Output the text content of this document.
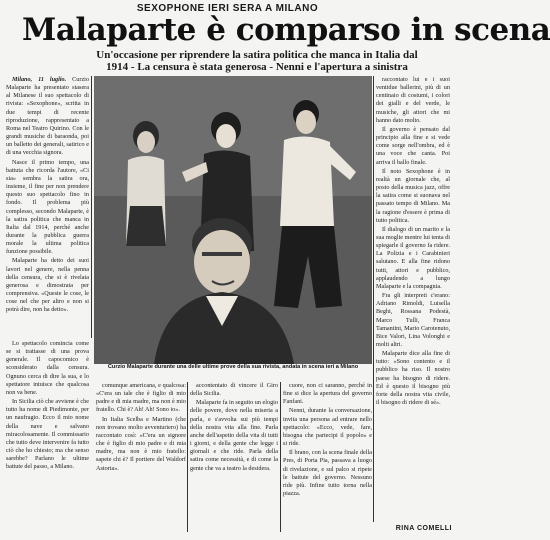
SEXOPHONE IERI SERA A MILANO
Malaparte è comparso in scena
Un'occasione per riprendere la satira politica che manca in Italia dal
1914 - La censura è stata generosa - Nenni e l'apertura a sinistra

Milano, 11 luglio. Curzio Malaparte ha presentato stasera al Milanese il suo spettacolo di rivista: «Sexophone», scritta in due tempi di recente riproduzione, rappresentato a Roma nel Teatro Quirino. Con le grandi musiche di baraonda, poi un balletto dei generali, satirico e di una vecchia signora.

Nasce il primo tempo, una battuta che ricorda l'autore, «Ci sia» sembra la satira ora, insieme, il fine per non prendere questo suo spettacolo fino in fondo. Il problema più complesso, secondo Malaparte, è la satira politica che manca in Italia dal 1914, perché anche durante la pubblica guerra morale la ultima politica funzione possibile.

Malaparte ha detto dei suoi lavori nel genere, nella penna della censura, che si è rivelata generosa e dimostrata per comprensiva. «Queste le cose, le cose nel che per altro e non si potrà dire, non ha detto».

Curzio Malaparte durante una delle ultime prove della sua rivista, andata in scena ieri a Milano

Lo spettacolo comincia come se si trattasse di una prova generale. Il capocomico è sconsiderato dalla censura. Ognuno cerca di dire la sua, e lo spettatore intuisce che qualcosa non va bene.

In Sicilia ciò che avviene è che tutto ha nome di Piedimonte, per un naufragio. Ecco il mio nome della nave e salvano miracolosamente. Il commissario che tutto deve intervenire fa tutto ciò che ho chiesto; ma che senso sarebbe? Parlano le ultime battute del passo, a Milano.

comunque americana, e qualcosa: «C'era un tale che è figlio di mio padre e di mia madre, ma non è mio fratello. Chi è? Ah! Ah! Sono io».

In Italia Scelba e Martino (che non trovano molto avventuriero) ha raccontato così: «C'era un signore che è figlio di mio padre e di mia madre, ma non è mio fratello: sapete chi è? Il portiere del Waldorf Astoria».

accontentato di vincere il Giro della Sicilia.

Malaparte fa in seguito un elogio delle povere, dove nella miseria a parla, e s'avvolta sui più tempi della nostra vita alla fine. Parla anche dell'aspetto della vita di tutti i giorni, e della gente che legge i giornali e che ride. Parla della satira come necessità, e di come la gente che va a teatro la desidera.

cuore, non ci saranno, perché in fine si dice la apertura del governo Fanfani.

Nenni, durante la conversazione, invita una persona ad entrare nello spettacolo: «Ecco, vede, fare, bisogna che partecipi il popolo» e si ride.

Il brano, con la scena finale della Pres, di Porta Pia, passava a luogo di rivelazione, e sul palco si ripete le battute del governo. Nessuno ride più. Infine tutto torna nella piazza.

raccontato lui e i suoi ventidue ballerini, più di un centinaio di costumi, i colori dei gialli e del verde, le musiche, gli attori che mi hanno dato molto.

Il governo è pensato dal principio alla fine e si vede come sorge nell'ombra, ed è una voce che canta. Poi arriva il ballo finale.

Il noto Sexophone è in realtà un giornale che, al posto della musica jazz, offre la satira come si suonava nel passato tempo di Milano. Ma la ragione d'essere è prima di tutto politica.

Il dialogo di un marito e la sua moglie mentre lui tenta di spiegarle il governo fa ridere. La Polizia e i Carabinieri salutano. E alla fine ridono tutti, attori e pubblico, applaudendo a lungo Malaparte e la compagnia.

Fra gli interpreti c'erano: Adriano Rimoldi, Luisella Beghi, Rossana Podestà, Marco Tulli, Franca Tamantini, Mario Carotenuto, Bice Valori, Lina Volonghi e molti altri.

Malaparte dice alla fine di tutto: «Sono contento e il pubblico ha riso. Il nostro paese ha bisogno di ridere. Ed è questo il bisogno più forte della nostra vita civile, il bisogno di ridere di sé».

RINA COMELLI
